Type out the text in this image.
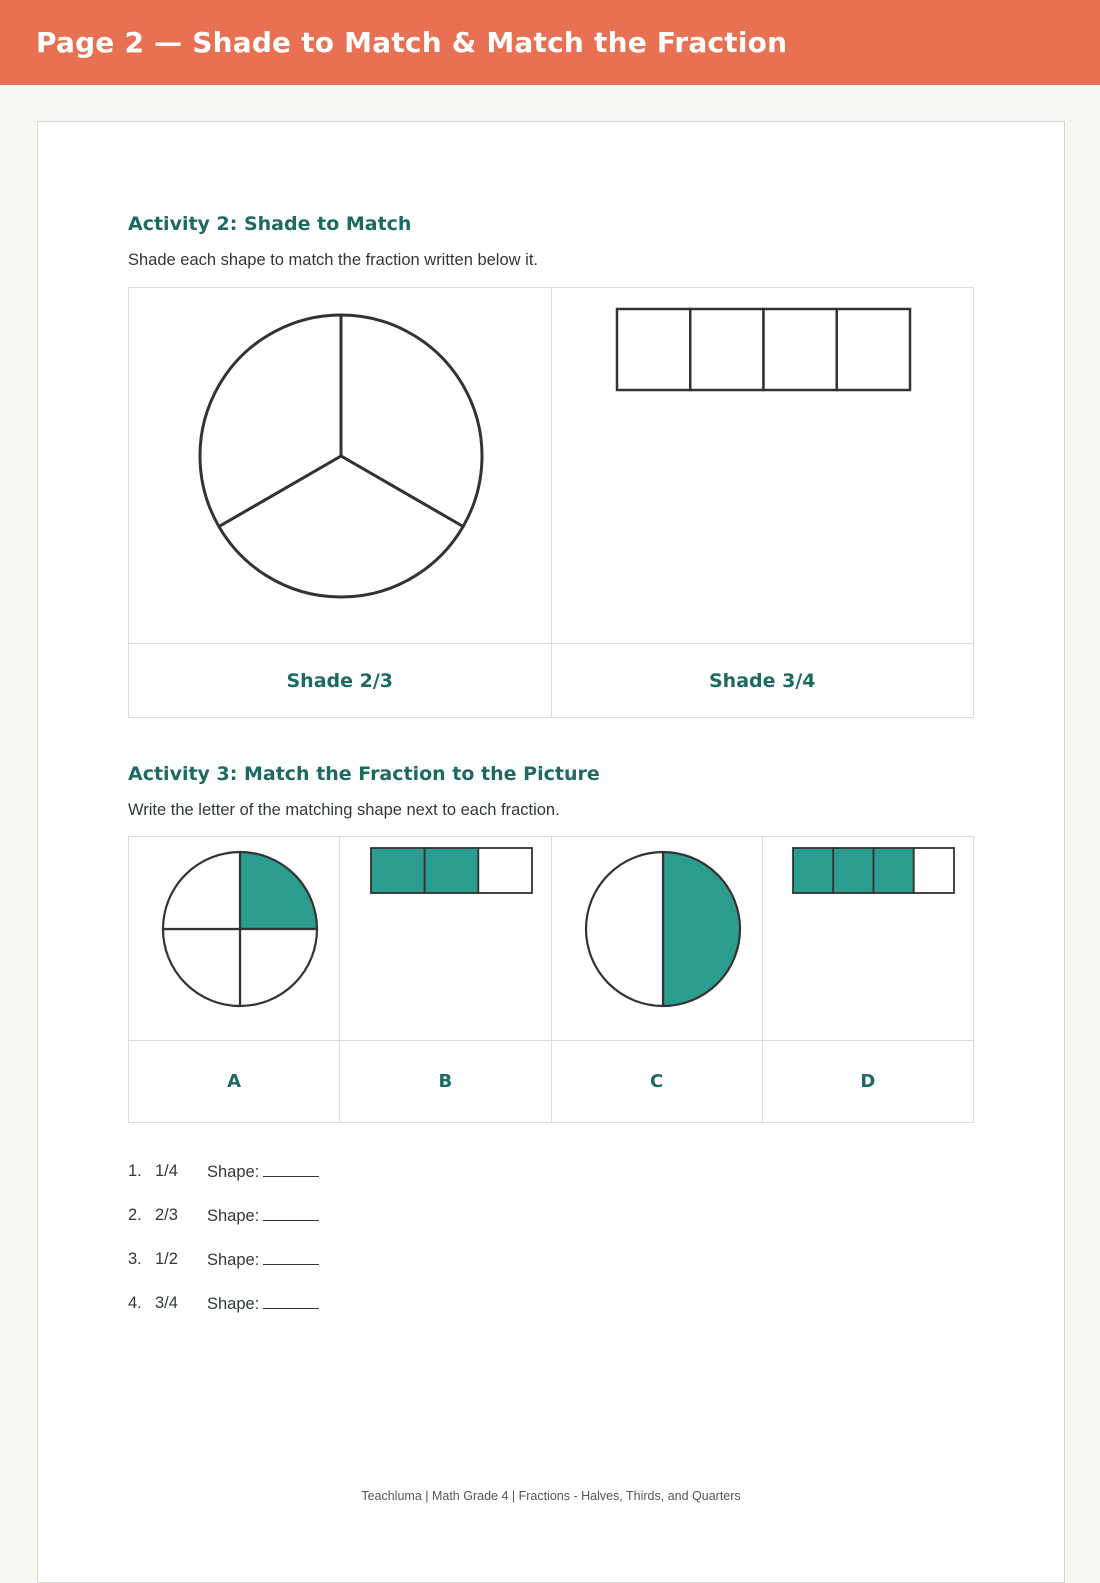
Page 2 — Shade to Match & Match the Fraction
Activity 2: Shade to Match

Shade each shape to match the fraction written below it.

Shade 2/3	Shade 3/4
Activity 3: Match the Fraction to the Picture

Write the letter of the matching shape next to each fraction.

A	B	C	D
1. 1/4	Shape:
2. 2/3	Shape:
3. 1/2	Shape:
4. 3/4	Shape:
Teachluma | Math Grade 4 | Fractions - Halves, Thirds, and Quarters
